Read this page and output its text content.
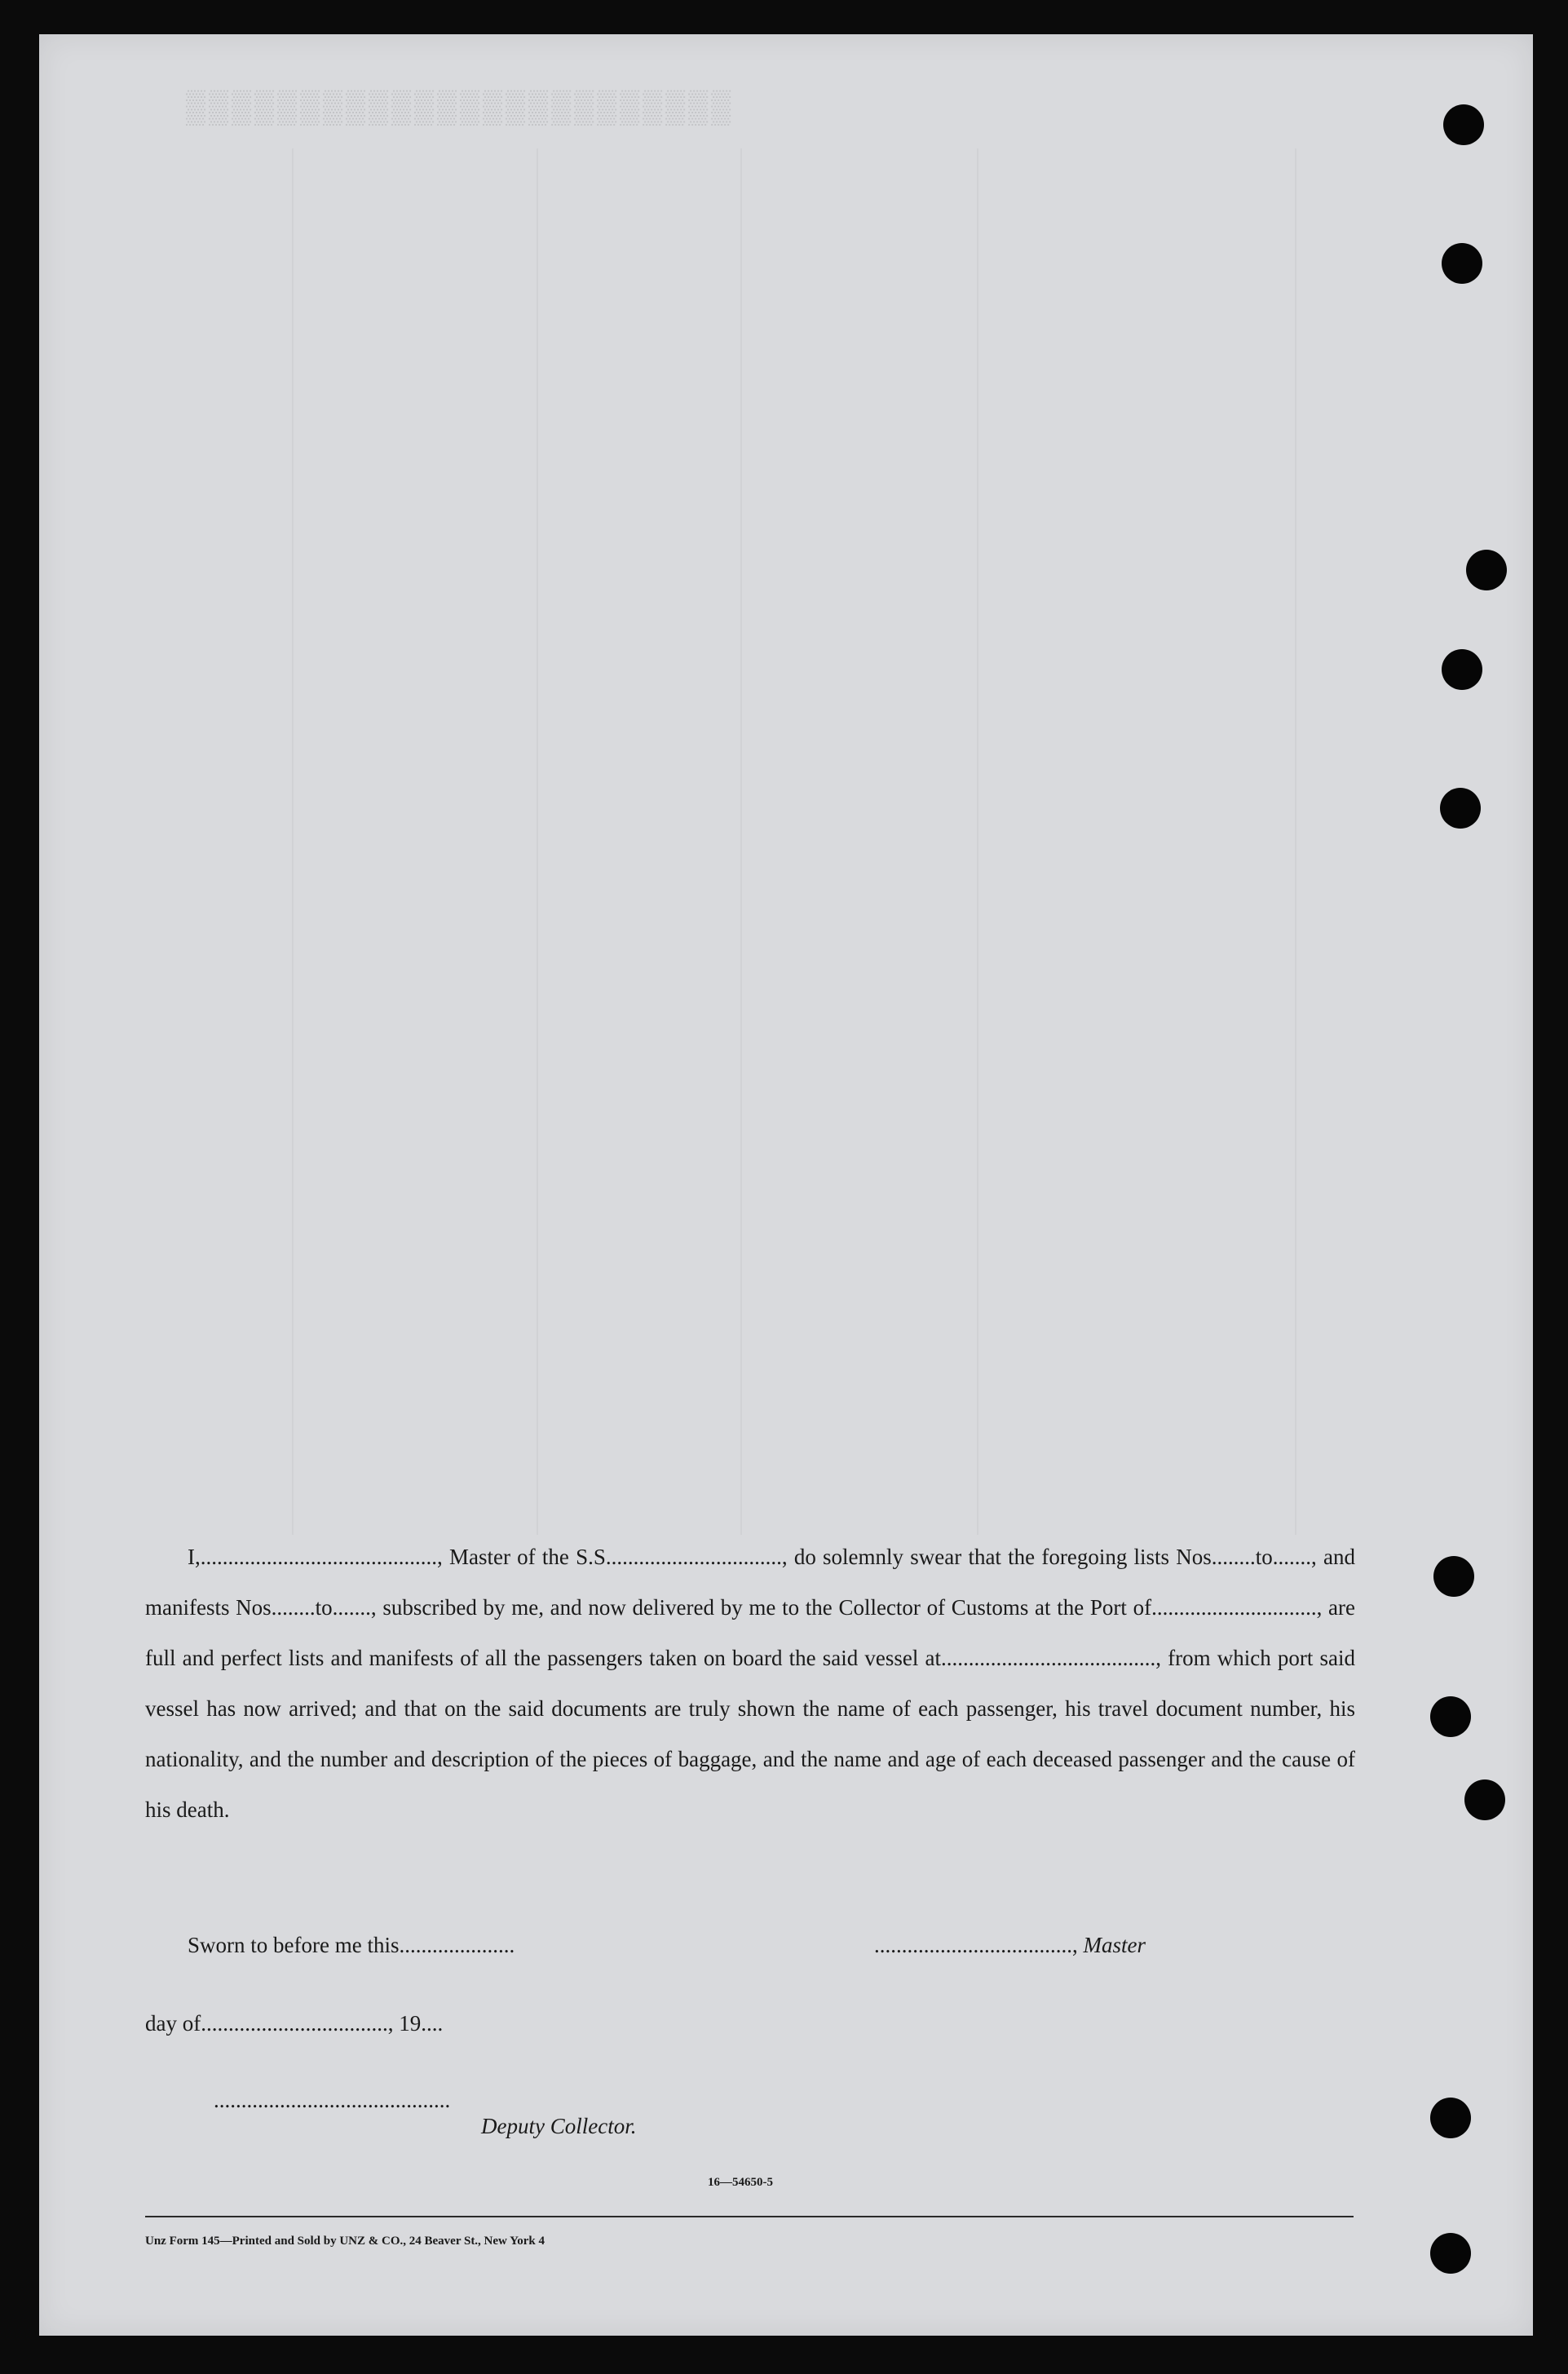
▒▒▒▒▒▒▒▒▒▒▒▒▒▒▒▒▒▒▒▒▒▒▒▒

I,..........................................., Master of the S.S................................, do solemnly swear that the foregoing lists Nos........to......., and manifests Nos........to......., subscribed by me, and now delivered by me to the Collector of Customs at the Port of.............................., are full and perfect lists and manifests of all the passengers taken on board the said vessel at......................................., from which port said vessel has now arrived; and that on the said documents are truly shown the name of each passenger, his travel document number, his nationality, and the number and description of the pieces of baggage, and the name and age of each deceased passenger and the cause of his death.

Sworn to before me this.....................	...................................., Master
day of.................................., 19....
...........................................
Deputy Collector.
16—54650-5
Unz Form 145—Printed and Sold by UNZ & CO., 24 Beaver St., New York 4
